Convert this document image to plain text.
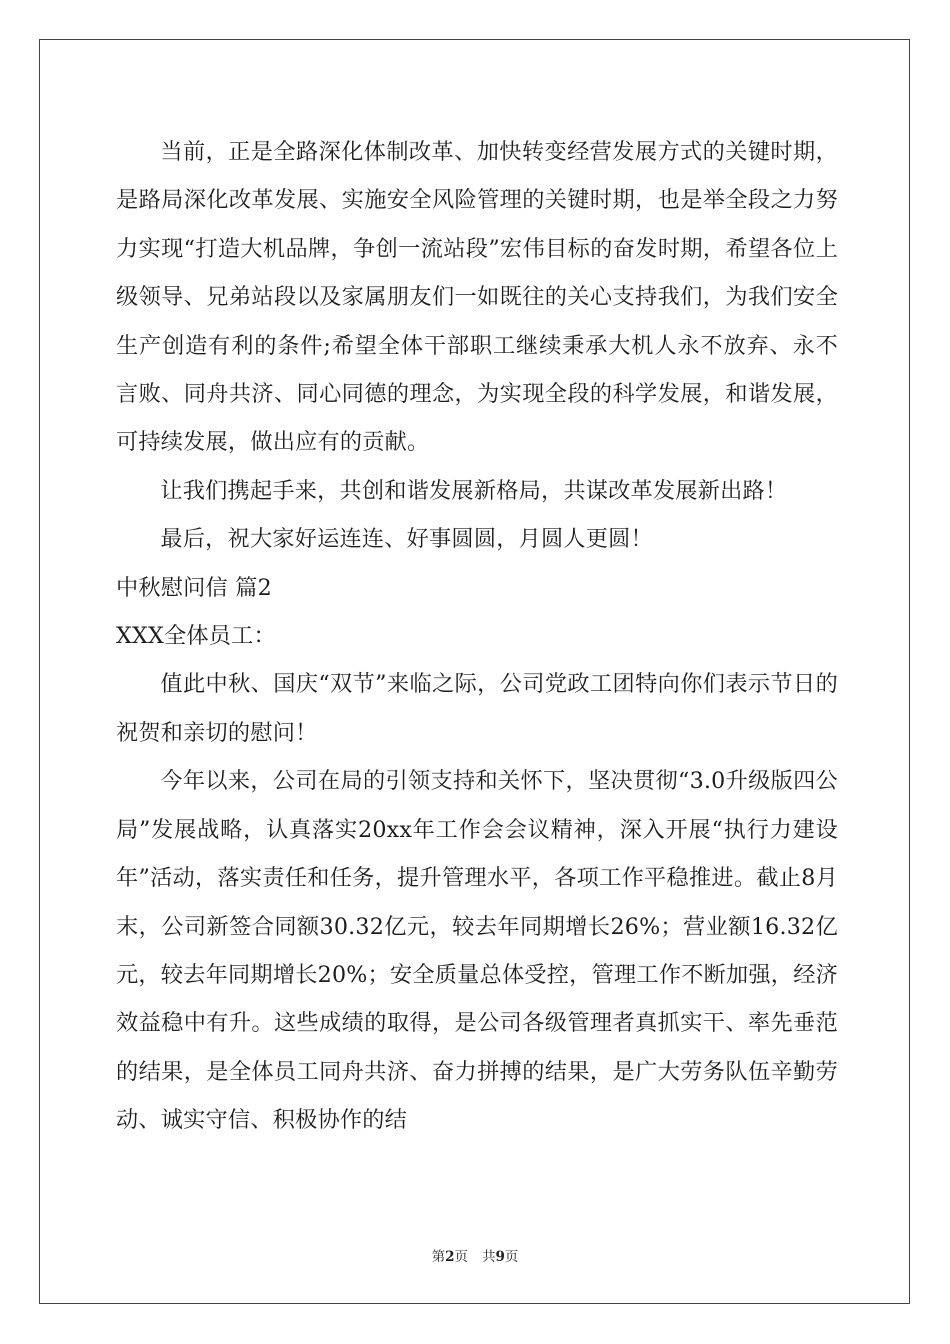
当前，正是全路深化体制改革、加快转变经营发展方式的关键时期，是路局深化改革发展、实施安全风险管理的关键时期，也是举全段之力努力实现“打造大机品牌，争创一流站段”宏伟目标的奋发时期，希望各位上级领导、兄弟站段以及家属朋友们一如既往的关心支持我们，为我们安全生产创造有利的条件;希望全体干部职工继续秉承大机人永不放弃、永不言败、同舟共济、同心同德的理念，为实现全段的科学发展，和谐发展，可持续发展，做出应有的贡献。

让我们携起手来，共创和谐发展新格局，共谋改革发展新出路！

最后，祝大家好运连连、好事圆圆，月圆人更圆！

中秋慰问信 篇2

XXX全体员工：

值此中秋、国庆“双节”来临之际，公司党政工团特向你们表示节日的祝贺和亲切的慰问！

今年以来，公司在局的引领支持和关怀下，坚决贯彻“3.0升级版四公局”发展战略，认真落实20xx年工作会会议精神，深入开展“执行力建设年”活动，落实责任和任务，提升管理水平，各项工作平稳推进。截止8月末，公司新签合同额30.32亿元，较去年同期增长26%；营业额16.32亿元，较去年同期增长20%；安全质量总体受控，管理工作不断加强，经济效益稳中有升。这些成绩的取得，是公司各级管理者真抓实干、率先垂范的结果，是全体员工同舟共济、奋力拼搏的结果，是广大劳务队伍辛勤劳动、诚实守信、积极协作的结

第2页 共9页
